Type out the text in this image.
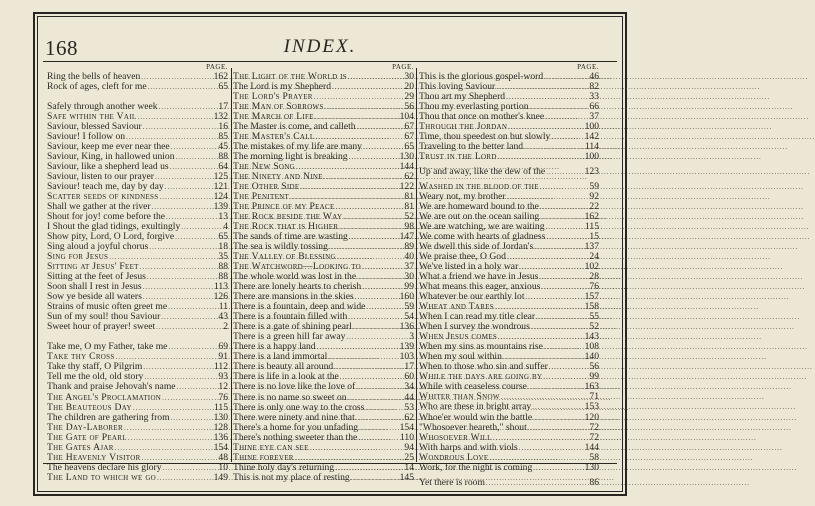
168	INDEX.
PAGE.
Ring the bells of heaven .....	162
Rock of ages, cleft for me .....	65
Safely through another week .....	17
Safe within the Vail .....	132
Saviour, blessed Saviour .....	16
Saviour! I follow on .....	85
Saviour, keep me ever near thee .....	45
Saviour, King, in hallowed union .....	88
Saviour, like a shepherd lead us .....	64
Saviour, listen to our prayer .....	125
Saviour! teach me, day by day .....	121
Scatter seeds of kindness .....	124
Shall we gather at the river .....	139
Shout for joy! come before the .....	13
I Shout the glad tidings, exultingly .....	4
Show pity, Lord, O Lord, forgive .....	65
Sing aloud a joyful chorus .....	18
Sing for Jesus .....	35
Sitting at Jesus' Feet .....	88
Sitting at the feet of Jesus .....	88
Soon shall I rest in Jesus .....	113
Sow ye beside all waters .....	126
Strains of music often greet me .....	11
Sun of my soul! thou Saviour .....	43
Sweet hour of prayer! sweet .....	2
Take me, O my Father, take me .....	69
Take thy Cross .....	91
Take thy staff, O Pilgrim .....	112
Tell me the old, old story .....	93
Thank and praise Jehovah's name .....	12
The Angel's Proclamation .....	76
The Beauteous Day .....	115
The children are gathering from .....	130
The Day-Laborer .....	128
The Gate of Pearl .....	136
The Gates Ajar .....	154
The Heavenly Visitor .....	48
The heavens declare his glory .....	10
The Land to which we go .....	149
PAGE.
The Light of the World is .....	30
The Lord is my Shepherd .....	20
The Lord's Prayer .....	29
The Man of Sorrows .....	56
The March of Life .....	104
The Master is come, and calleth .....	67
The Master's Call .....	67
The mistakes of my life are many .....	65
The morning light is breaking .....	130
The New Song .....	144
The Ninety and Nine .....	62
The Other Side .....	122
The Penitent .....	81
The Prince of my Peace .....	81
The Rock beside the Way .....	52
The Rock that is Higher .....	98
The sands of time are wasting .....	147
The sea is wildly tossing .....	89
The Valley of Blessing .....	40
The Watchword—Looking to .....	37
The whole world was lost in the .....	30
There are lonely hearts to cherish .....	99
There are mansions in the skies .....	160
There is a fountain, deep and wide .....	59
There is a fountain filled with .....	54
There is a gate of shining pearl .....	136
There is a green hill far away .....	3
There is a happy land .....	139
There is a land immortal .....	103
There is beauty all around .....	17
There is life in a look at the .....	60
There is no love like the love of .....	34
There is no name so sweet on .....	44
There is only one way to the cross .....	53
There were ninety and nine that .....	62
There's a home for you unfading .....	154
There's nothing sweeter than the .....	110
Thine eye can see .....	94
Thine forever .....	25
Thine holy day's returning .....	14
This is not my place of resting .....	145
PAGE.
This is the glorious gospel-word .....	46
This loving Saviour .....	82
Thou art my Shepherd .....	33
Thou my everlasting portion .....	66
Thou that once on mother's knee .....	37
Through the Jordan .....	100
Time, thou speedest on but slowly .....	142
Traveling to the better land .....	114
Trust in the Lord .....	100
Up and away, like the dew of the .....	123
Washed in the blood of the .....	59
Weary not, my brother .....	92
We are homeward bound to the .....	22
We are out on the ocean sailing .....	162
We are watching, we are waiting .....	115
We come with hearts of gladness .....	15
We dwell this side of Jordan's .....	137
We praise thee, O God .....	24
We've listed in a holy war .....	102
What a friend we have in Jesus .....	28
What means this eager, anxious .....	76
Whatever be our earthly lot .....	157
Wheat and Tares .....	158
When I can read my title clear .....	55
When I survey the wondrous .....	52
When Jesus comes .....	143
When my sins as mountains rise .....	108
When my soul within .....	140
When to those who sin and suffer .....	56
While the days are going by .....	99
While with ceaseless course .....	163
Whiter than Snow .....	71
Who are these in bright array .....	153
Whoe'er would win the battle .....	120
"Whosoever heareth," shout .....	72
Whosoever Will .....	72
With harps and with viols .....	144
Wondrous Love .....	58
Work, for the night is coming .....	130
Yet there is room .....	86
